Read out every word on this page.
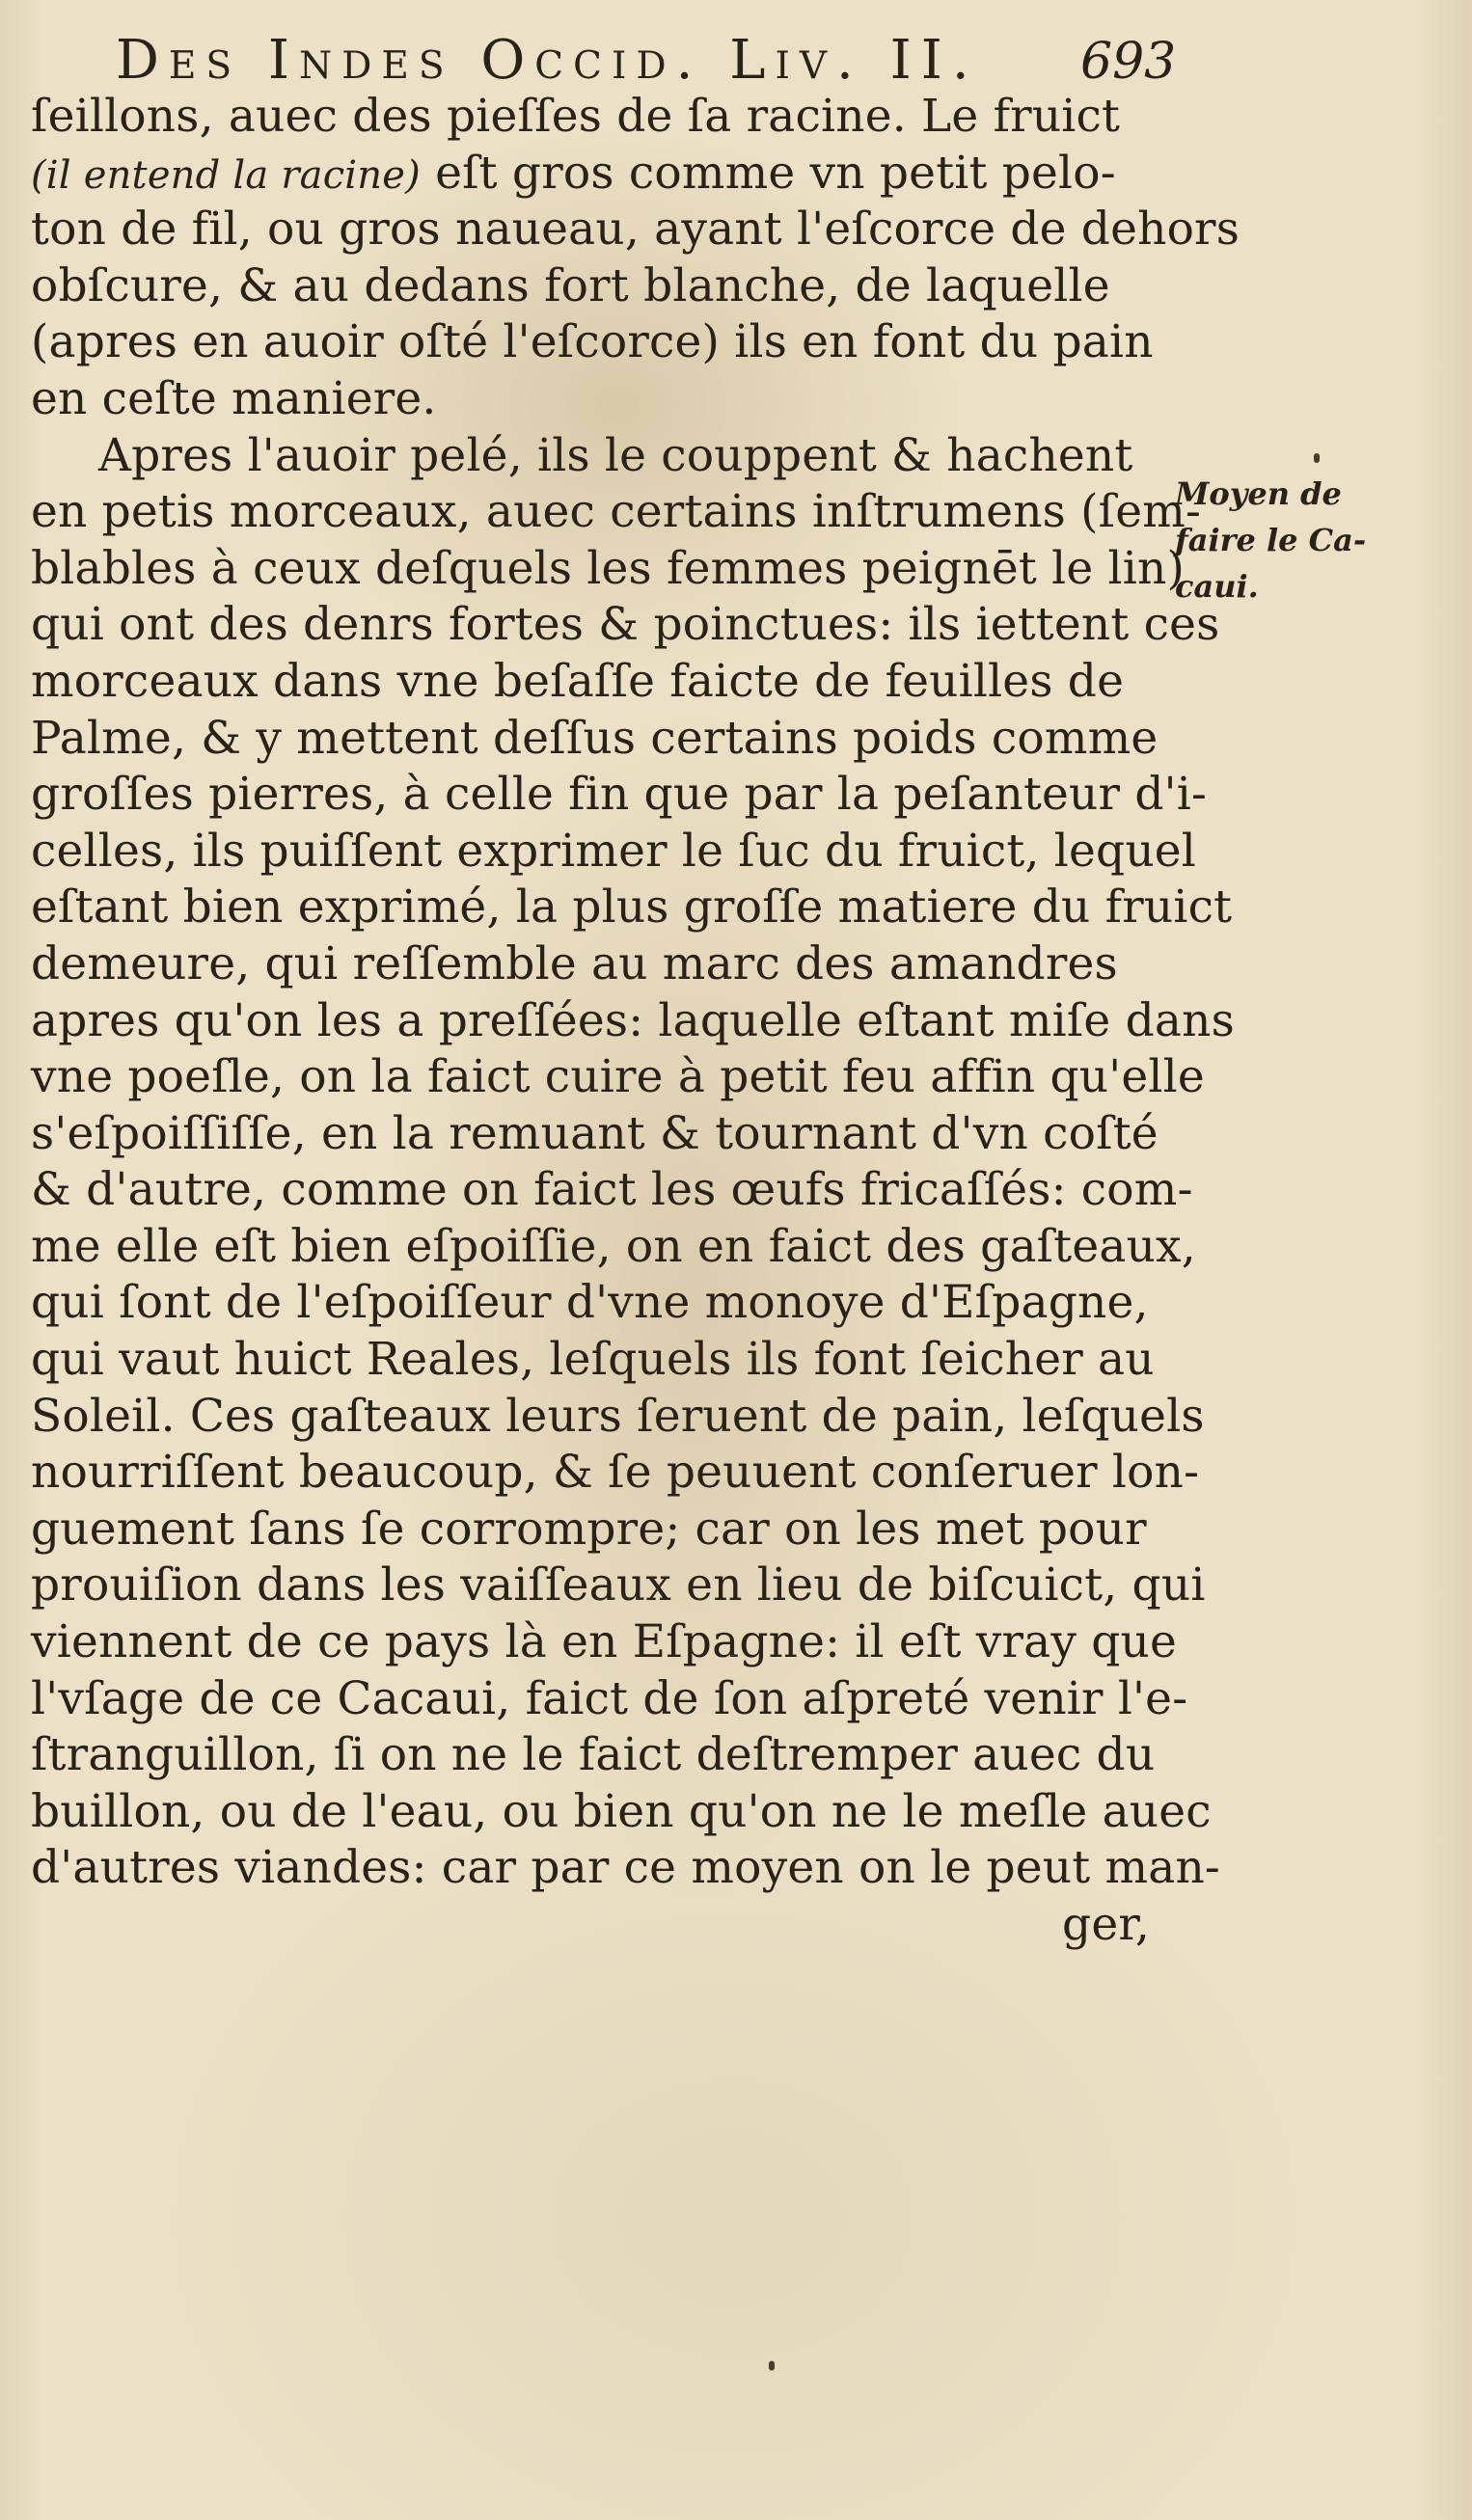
Des Indes Occid. Liv. II. 693
ſeillons, auec des pieſſes de ſa racine. Le fruict
(il entend la racine) eſt gros comme vn petit pelo-
ton de fil, ou gros naueau, ayant l'eſcorce de dehors
obſcure, & au dedans fort blanche, de laquelle
(apres en auoir oſté l'eſcorce) ils en font du pain
en ceſte maniere.
Apres l'auoir pelé, ils le couppent & hachent
en petis morceaux, auec certains inſtrumens (ſem-
blables à ceux deſquels les femmes peignēt le lin)
qui ont des denrs fortes & poinctues: ils iettent ces
morceaux dans vne beſaſſe faicte de feuilles de
Palme, & y mettent deſſus certains poids comme
groſſes pierres, à celle fin que par la peſanteur d'i-
celles, ils puiſſent exprimer le ſuc du fruict, lequel
eſtant bien exprimé, la plus groſſe matiere du fruict
demeure, qui reſſemble au marc des amandres
apres qu'on les a preſſées: laquelle eſtant miſe dans
vne poeſle, on la faict cuire à petit feu affin qu'elle
s'eſpoiſſiſſe, en la remuant & tournant d'vn coſté
& d'autre, comme on faict les œufs fricaſſés: com-
me elle eſt bien eſpoiſſie, on en faict des gaſteaux,
qui ſont de l'eſpoiſſeur d'vne monoye d'Eſpagne,
qui vaut huict Reales, leſquels ils font ſeicher au
Soleil. Ces gaſteaux leurs ſeruent de pain, leſquels
nourriſſent beaucoup, & ſe peuuent conſeruer lon-
guement ſans ſe corrompre; car on les met pour
prouiſion dans les vaiſſeaux en lieu de biſcuict, qui
viennent de ce pays là en Eſpagne: il eſt vray que
l'vſage de ce Cacaui, faict de ſon aſpreté venir l'e-
ſtranguillon, ſi on ne le faict deſtremper auec du
buillon, ou de l'eau, ou bien qu'on ne le meſle auec
d'autres viandes: car par ce moyen on le peut man-
ger,
Moyen de
faire le Ca-
caui.
